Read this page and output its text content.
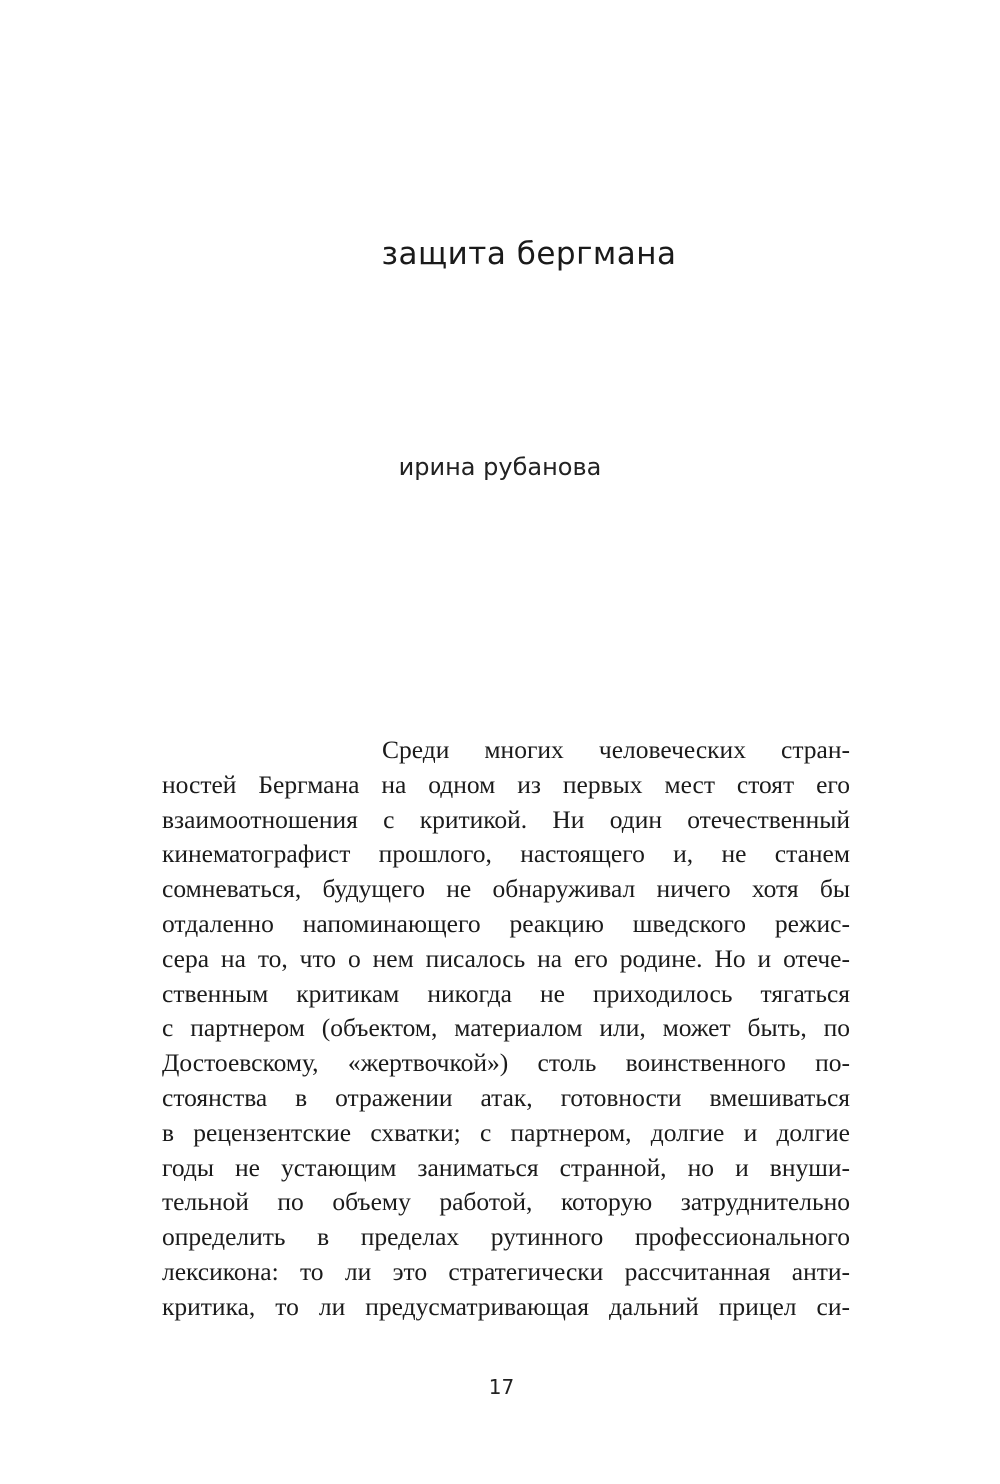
защита бергмана
ирина рубанова
Среди многих человеческих стран-
ностей Бергмана на одном из первых мест стоят его
взаимоотношения с критикой. Ни один отечественный
кинематографист прошлого, настоящего и, не станем
сомневаться, будущего не обнаруживал ничего хотя бы
отдаленно напоминающего реакцию шведского режис-
сера на то, что о нем писалось на его родине. Но и отече-
ственным критикам никогда не приходилось тягаться
с партнером (объектом, материалом или, может быть, по
Достоевскому, «жертвочкой») столь воинственного по-
стоянства в отражении атак, готовности вмешиваться
в рецензентские схватки; с партнером, долгие и долгие
годы не устающим заниматься странной, но и внуши-
тельной по объему работой, которую затруднительно
определить в пределах рутинного профессионального
лексикона: то ли это стратегически рассчитанная анти-
критика, то ли предусматривающая дальний прицел си-
17
